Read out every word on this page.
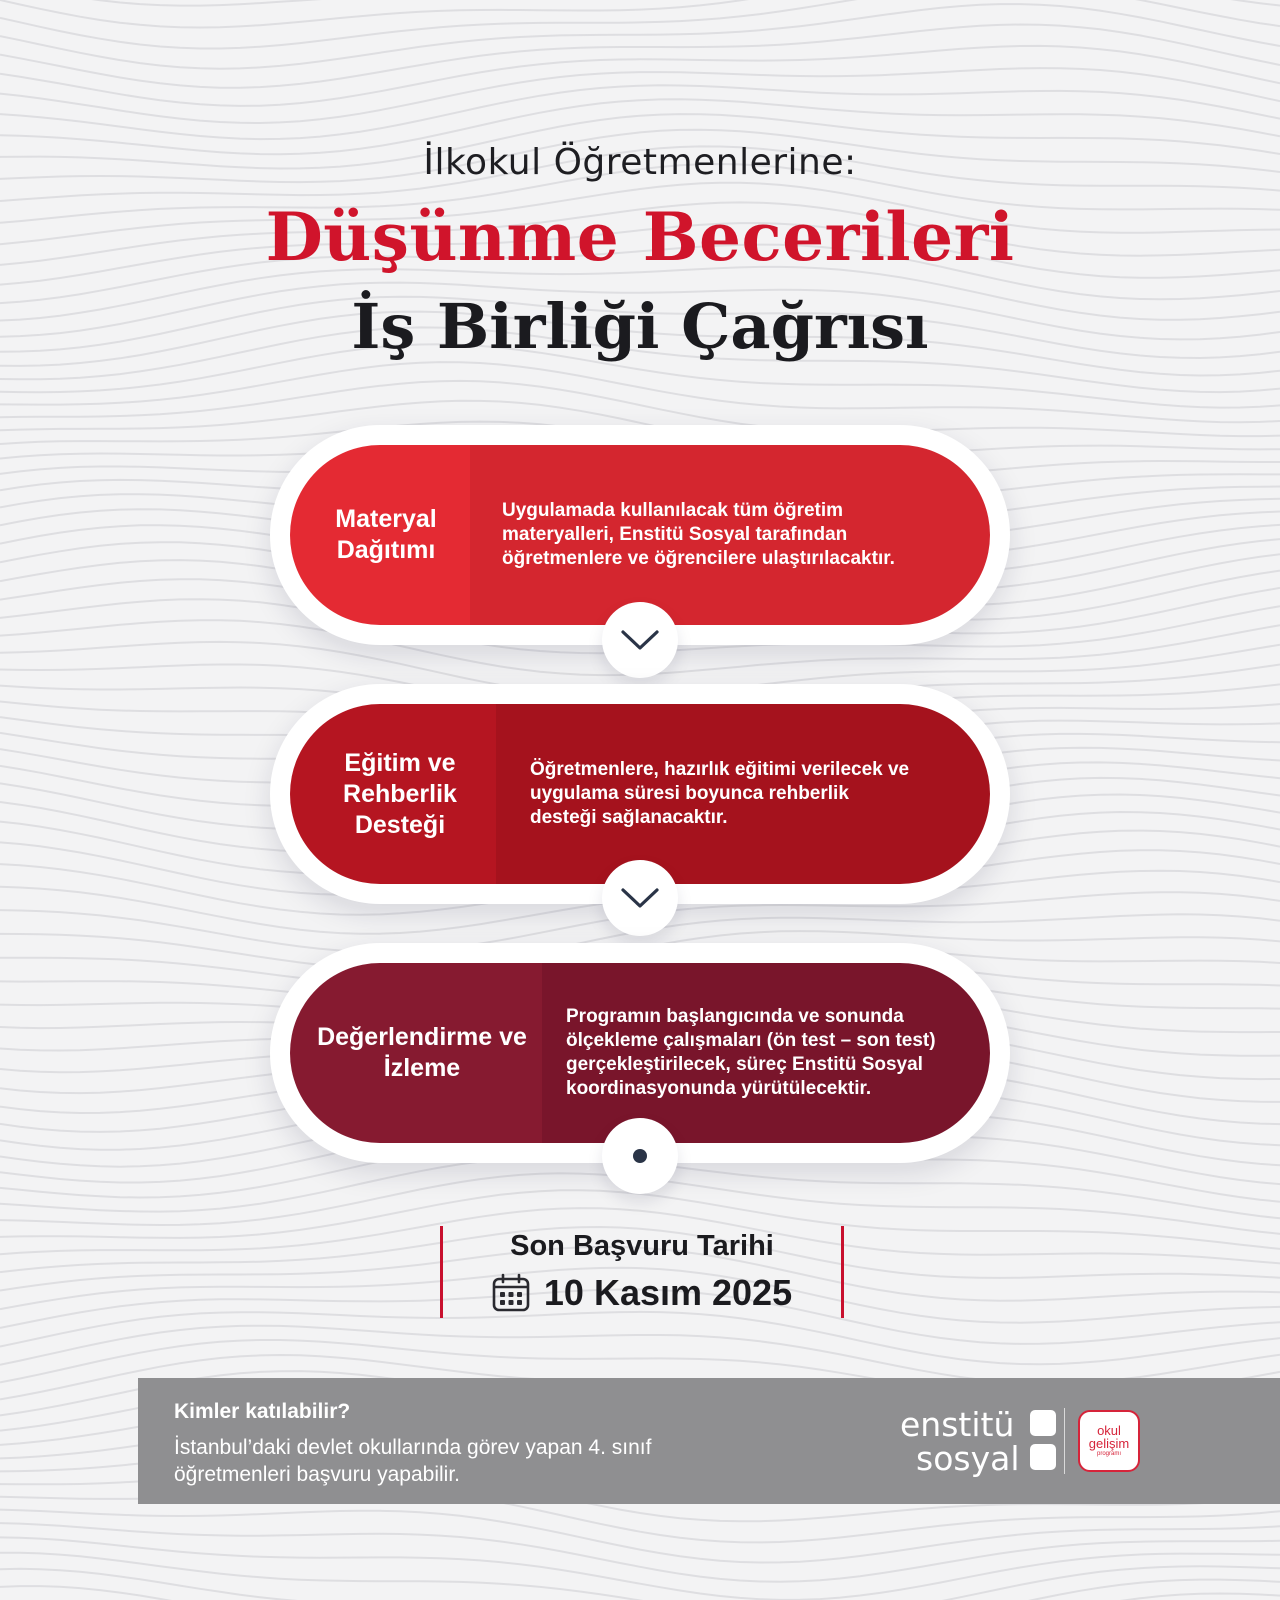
İlkokul Öğretmenlerine:
Düşünme Becerileri
İş Birliği Çağrısı
Materyal Dağıtımı
Uygulamada kullanılacak tüm öğretim materyalleri, Enstitü Sosyal tarafından öğretmenlere ve öğrencilere ulaştırılacaktır.
Eğitim ve Rehberlik Desteği
Öğretmenlere, hazırlık eğitimi verilecek ve uygulama süresi boyunca rehberlik desteği sağlanacaktır.
Değerlendirme ve İzleme
Programın başlangıcında ve sonunda ölçekleme çalışmaları (ön test – son test) gerçekleştirilecek, süreç Enstitü Sosyal koordinasyonunda yürütülecektir.
Son Başvuru Tarihi
10 Kasım 2025
Kimler katılabilir?
İstanbul’daki devlet okullarında görev yapan 4. sınıf öğretmenleri başvuru yapabilir.
enstitü
sosyal
okul
gelişim
programı
